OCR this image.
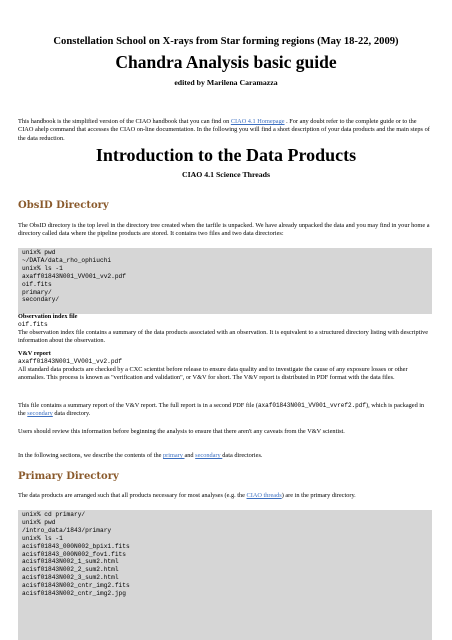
Constellation School on X-rays from Star forming regions (May 18-22, 2009)
Chandra Analysis basic guide
edited by Marilena Caramazza

This handbook is the simplified version of the CIAO handbook that you can find on CIAO 4.1 Homepage . For any doubt refer to the complete guide or to the CIAO ahelp command that accesses the CIAO on-line documentation. In the following you will find a short description of your data products and the main steps of the data reduction.

Introduction to the Data Products
CIAO 4.1 Science Threads
ObsID Directory

The ObsID directory is the top level in the directory tree created when the tarfile is unpacked. We have already unpacked the data and you may find in your home a directory called data where the pipeline products are stored. It contains two files and two data directories:

unix% pwd
~/DATA/data_rho_ophiuchi
unix% ls -1
axaff01843N001_VV001_vv2.pdf
oif.fits
primary/
secondary/
Observation index file
oif.fits

The observation index file contains a summary of the data products associated with an observation. It is equivalent to a structured directory listing with descriptive information about the observation.

V&V report
axaff01843N001_VV001_vv2.pdf

All standard data products are checked by a CXC scientist before release to ensure data quality and to investigate the cause of any exposure losses or other anomalies. This process is known as "verification and validation", or V&V for short. The V&V report is distributed in PDF format with the data files.

This file contains a summary report of the V&V report. The full report is in a second PDF file (axaf01843N001_VV001_vvref2.pdf), which is packaged in the secondary data directory.

Users should review this information before beginning the analysis to ensure that there aren't any caveats from the V&V scientist.

In the following sections, we describe the contents of the primary and secondary data directories.

Primary Directory

The data products are arranged such that all products necessary for most analyses (e.g. the CIAO threads) are in the primary directory.

unix% cd primary/
unix% pwd
/intro_data/1843/primary
unix% ls -1
acisf01843_000N002_bpix1.fits
acisf01843_000N002_fov1.fits
acisf01843N002_1_sum2.html
acisf01843N002_2_sum2.html
acisf01843N002_3_sum2.html
acisf01843N002_cntr_img2.fits
acisf01843N002_cntr_img2.jpg
